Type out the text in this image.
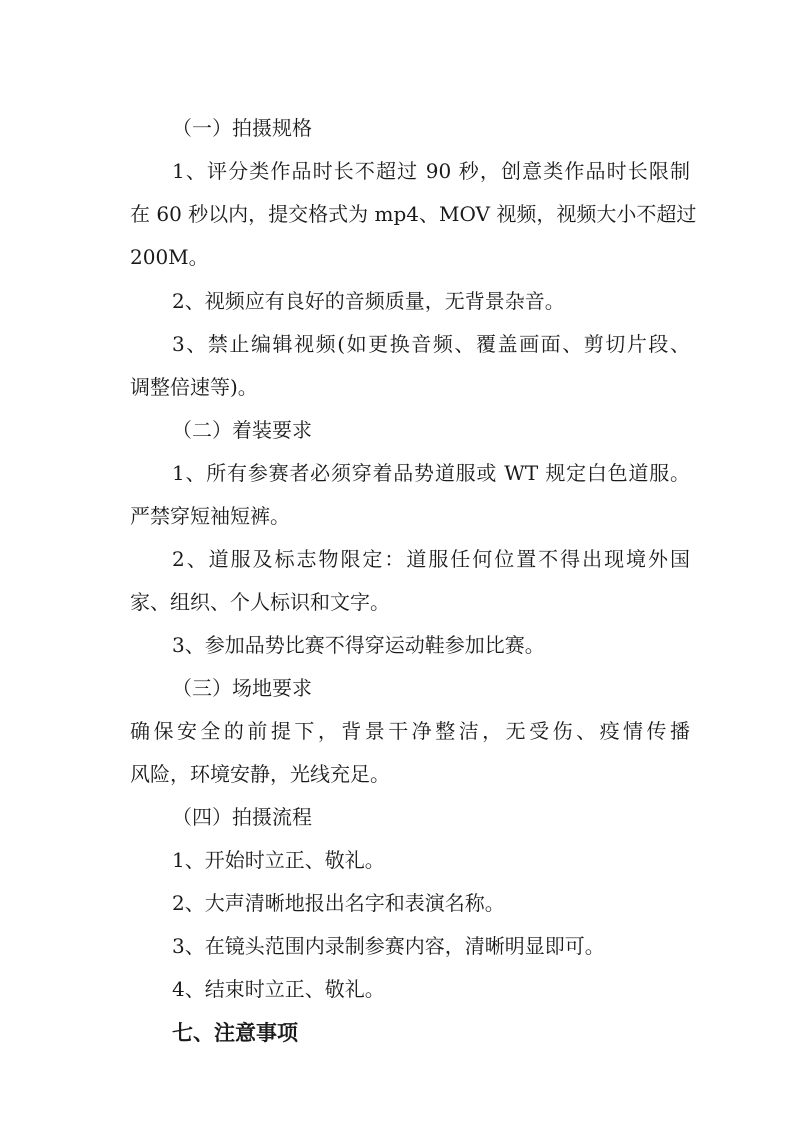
（一）拍摄规格

1、评分类作品时长不超过 90 秒，创意类作品时长限制

在 60 秒以内，提交格式为 mp4、MOV 视频，视频大小不超过

200M。

2、视频应有良好的音频质量，无背景杂音。

3、禁止编辑视频(如更换音频、覆盖画面、剪切片段、

调整倍速等)。

（二）着装要求

1、所有参赛者必须穿着品势道服或 WT 规定白色道服。

严禁穿短袖短裤。

2、道服及标志物限定：道服任何位置不得出现境外国

家、组织、个人标识和文字。

3、参加品势比赛不得穿运动鞋参加比赛。

（三）场地要求

确保安全的前提下，背景干净整洁，无受伤、疫情传播

风险，环境安静，光线充足。

（四）拍摄流程

1、开始时立正、敬礼。

2、大声清晰地报出名字和表演名称。

3、在镜头范围内录制参赛内容，清晰明显即可。

4、结束时立正、敬礼。

七、注意事项
